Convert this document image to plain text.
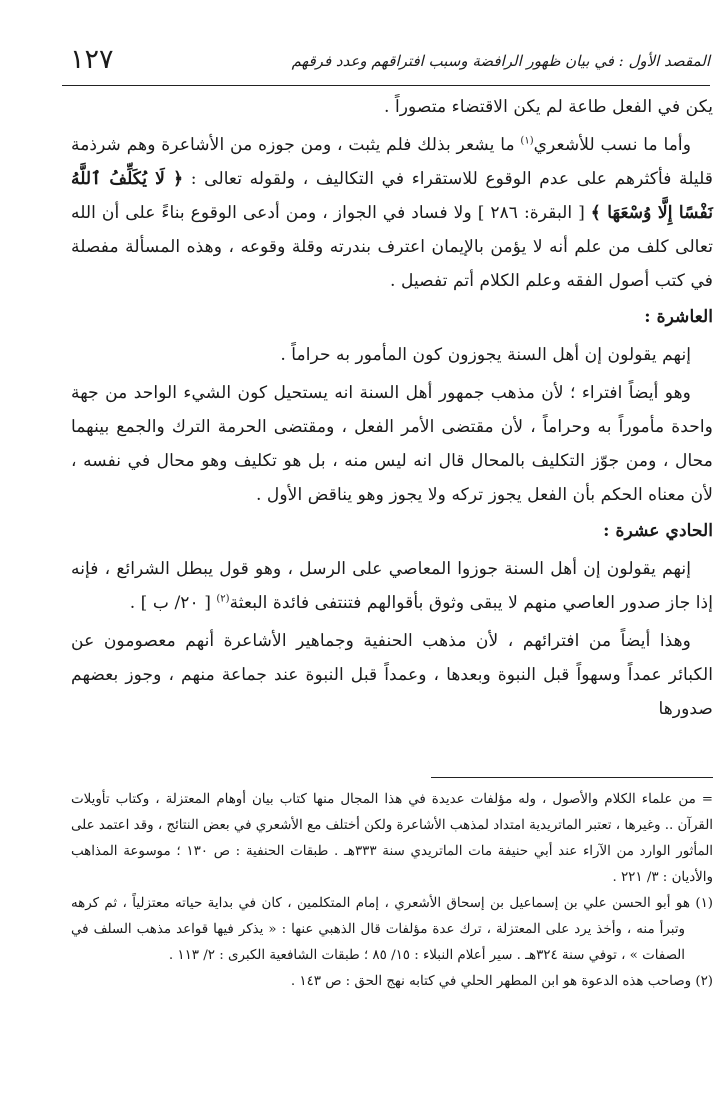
١٢٧	المقصد الأول : في بيان ظهور الرافضة وسبب افتراقهم وعدد فرقهم

يكن في الفعل طاعة لم يكن الاقتضاء متصوراً .

وأما ما نسب للأشعري$^{(١)}$ ما يشعر بذلك فلم يثبت ، ومن جوزه من الأشاعرة وهم شرذمة قليلة فأكثرهم على عدم الوقوع للاستقراء في التكاليف ، ولقوله تعالى : ﴿ لَا يُكَلِّفُ ٱللَّهُ نَفْسًا إِلَّا وُسْعَهَا ﴾ [ البقرة: ٢٨٦ ] ولا فساد في الجواز ، ومن أدعى الوقوع بناءً على أن الله تعالى كلف من علم أنه لا يؤمن بالإيمان اعترف بندرته وقلة وقوعه ، وهذه المسألة مفصلة في كتب أصول الفقه وعلم الكلام أتم تفصيل .

العاشرة :

إنهم يقولون إن أهل السنة يجوزون كون المأمور به حراماً .

وهو أيضاً افتراء ؛ لأن مذهب جمهور أهل السنة انه يستحيل كون الشيء الواحد من جهة واحدة مأموراً به وحراماً ، لأن مقتضى الأمر الفعل ، ومقتضى الحرمة الترك والجمع بينهما محال ، ومن جوّز التكليف بالمحال قال انه ليس منه ، بل هو تكليف وهو محال في نفسه ، لأن معناه الحكم بأن الفعل يجوز تركه ولا يجوز وهو يناقض الأول .

الحادي عشرة :

إنهم يقولون إن أهل السنة جوزوا المعاصي على الرسل ، وهو قول يبطل الشرائع ، فإنه إذا جاز صدور العاصي منهم لا يبقى وثوق بأقوالهم فتنتفى فائدة البعثة$^{(٢)}$ [ ٢٠/ ب ] .

وهذا أيضاً من افترائهم ، لأن مذهب الحنفية وجماهير الأشاعرة أنهم معصومون عن الكبائر عمداً وسهواً قبل النبوة وبعدها ، وعمداً قبل النبوة عند جماعة منهم ، وجوز بعضهم صدورها

= من علماء الكلام والأصول ، وله مؤلفات عديدة في هذا المجال منها كتاب بيان أوهام المعتزلة ، وكتاب تأويلات القرآن .. وغيرها ، تعتبر الماتريدية امتداد لمذهب الأشاعرة ولكن أختلف مع الأشعري في بعض النتائج ، وقد اعتمد على المأثور الوارد من الآراء عند أبي حنيفة مات الماتريدي سنة ٣٣٣هـ . طبقات الحنفية : ص ١٣٠ ؛ موسوعة المذاهب والأديان : ٣/ ٢٢١ .

(١) هو أبو الحسن علي بن إسماعيل بن إسحاق الأشعري ، إمام المتكلمين ، كان في بداية حياته معتزلياً ، ثم كرهه وتبرأ منه ، وأخذ يرد على المعتزلة ، ترك عدة مؤلفات قال الذهبي عنها : « يذكر فيها قواعد مذهب السلف في الصفات » ، توفي سنة ٣٢٤هـ . سير أعلام النبلاء : ١٥/ ٨٥ ؛ طبقات الشافعية الكبرى : ٢/ ١١٣ .

(٢) وصاحب هذه الدعوة هو ابن المطهر الحلي في كتابه نهج الحق : ص ١٤٣ .
